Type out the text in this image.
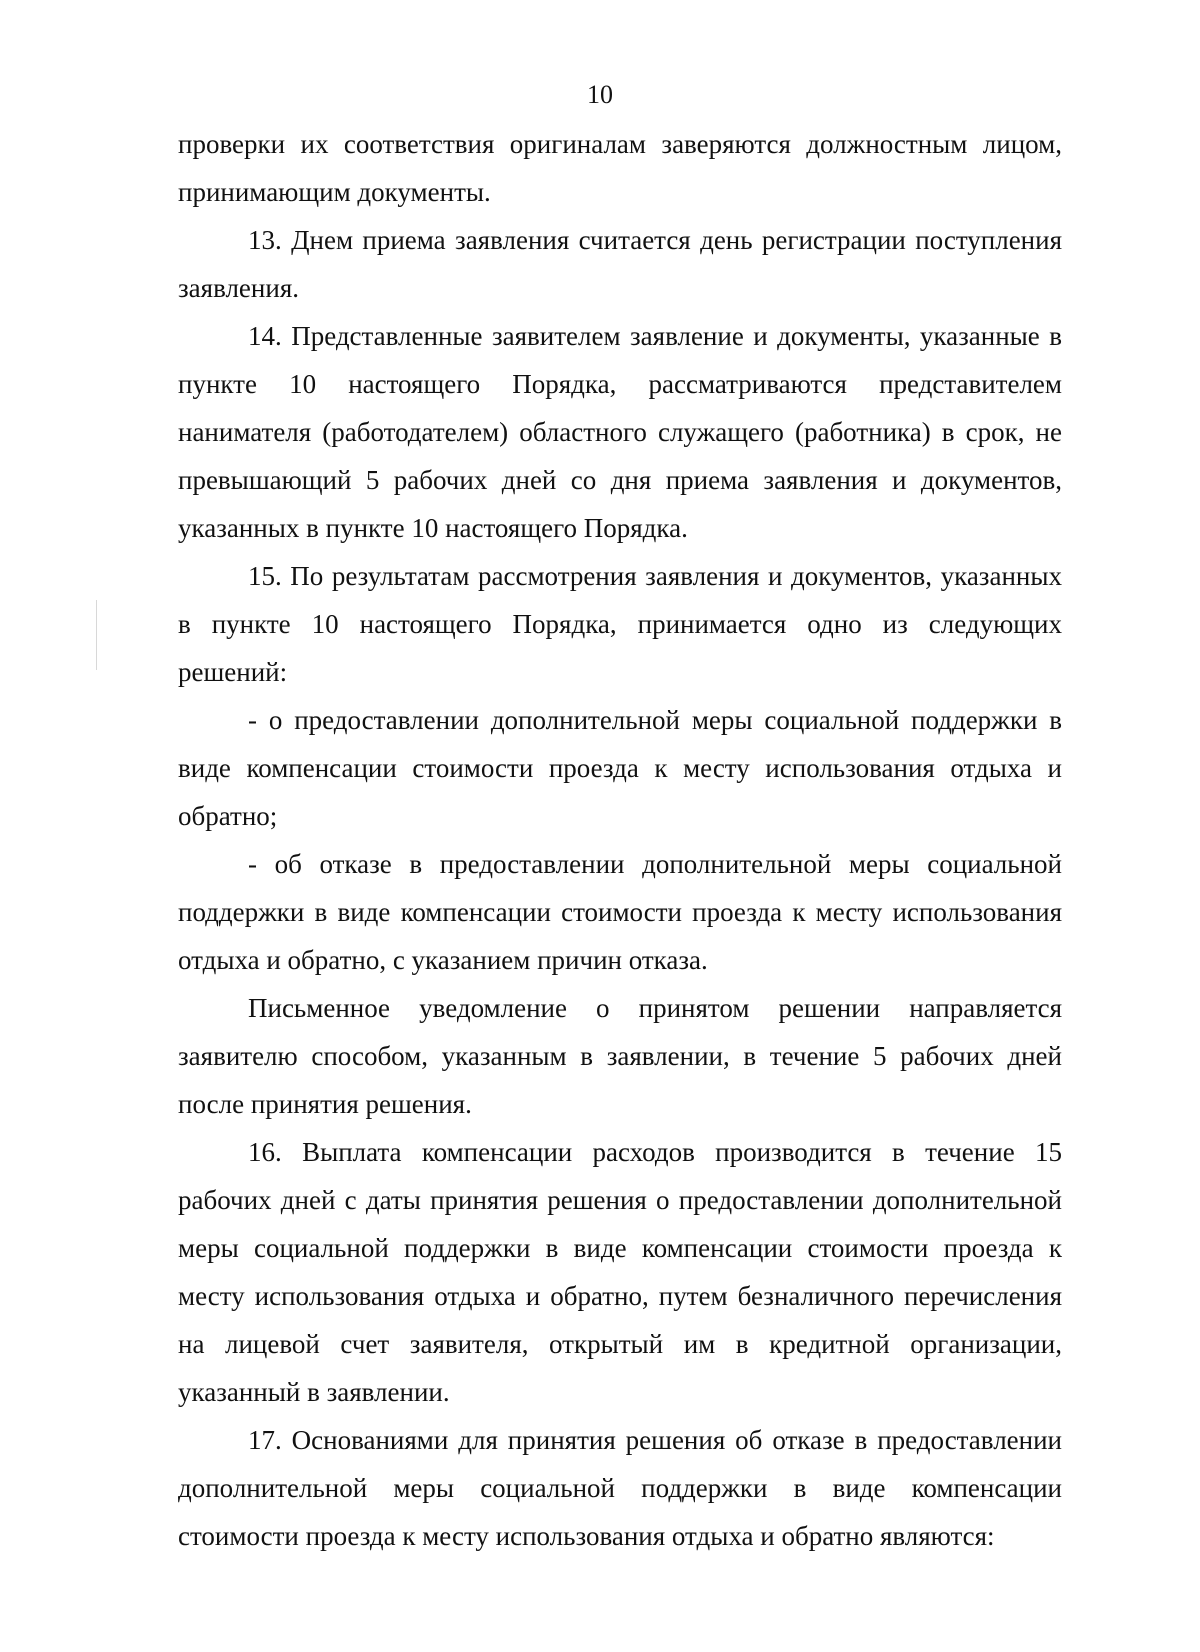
10

проверки их соответствия оригиналам заверяются должностным лицом, принимающим документы.

13. Днем приема заявления считается день регистрации поступления заявления.

14. Представленные заявителем заявление и документы, указанные в пункте 10 настоящего Порядка, рассматриваются представителем нанимателя (работодателем) областного служащего (работника) в срок, не превышающий 5 рабочих дней со дня приема заявления и документов, указанных в пункте 10 настоящего Порядка.

15. По результатам рассмотрения заявления и документов, указанных в пункте 10 настоящего Порядка, принимается одно из следующих решений:

- о предоставлении дополнительной меры социальной поддержки в виде компенсации стоимости проезда к месту использования отдыха и обратно;

- об отказе в предоставлении дополнительной меры социальной поддержки в виде компенсации стоимости проезда к месту использования отдыха и обратно, с указанием причин отказа.

Письменное уведомление о принятом решении направляется заявителю способом, указанным в заявлении, в течение 5 рабочих дней после принятия решения.

16. Выплата компенсации расходов производится в течение 15 рабочих дней с даты принятия решения о предоставлении дополнительной меры социальной поддержки в виде компенсации стоимости проезда к месту использования отдыха и обратно, путем безналичного перечисления на лицевой счет заявителя, открытый им в кредитной организации, указанный в заявлении.

17. Основаниями для принятия решения об отказе в предоставлении дополнительной меры социальной поддержки в виде компенсации стоимости проезда к месту использования отдыха и обратно являются:
